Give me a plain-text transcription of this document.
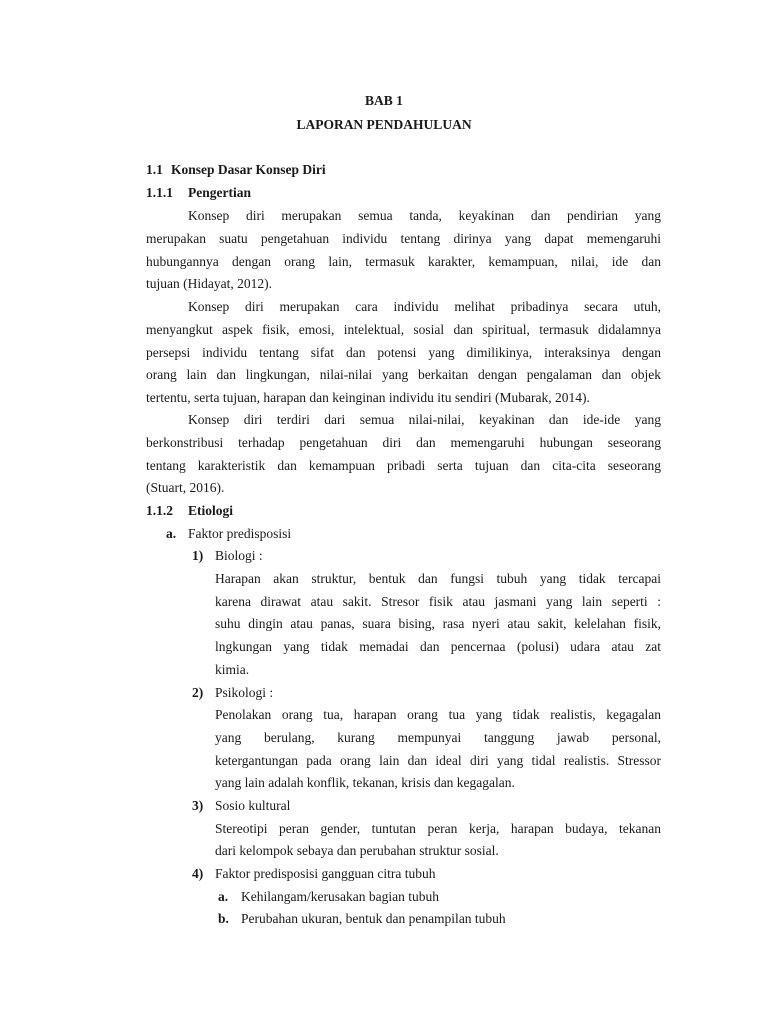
BAB 1
LAPORAN PENDAHULUAN
1.1 Konsep Dasar Konsep Diri
1.1.1 Pengertian
Konsep diri merupakan semua tanda, keyakinan dan pendirian yang
merupakan suatu pengetahuan individu tentang dirinya yang dapat memengaruhi
hubungannya dengan orang lain, termasuk karakter, kemampuan, nilai, ide dan
tujuan (Hidayat, 2012).
Konsep diri merupakan cara individu melihat pribadinya secara utuh,
menyangkut aspek fisik, emosi, intelektual, sosial dan spiritual, termasuk didalamnya
persepsi individu tentang sifat dan potensi yang dimilikinya, interaksinya dengan
orang lain dan lingkungan, nilai-nilai yang berkaitan dengan pengalaman dan objek
tertentu, serta tujuan, harapan dan keinginan individu itu sendiri (Mubarak, 2014).
Konsep diri terdiri dari semua nilai-nilai, keyakinan dan ide-ide yang
berkonstribusi terhadap pengetahuan diri dan memengaruhi hubungan seseorang
tentang karakteristik dan kemampuan pribadi serta tujuan dan cita-cita seseorang
(Stuart, 2016).
1.1.2 Etiologi
a. Faktor predisposisi
1) Biologi :
Harapan akan struktur, bentuk dan fungsi tubuh yang tidak tercapai
karena dirawat atau sakit. Stresor fisik atau jasmani yang lain seperti :
suhu dingin atau panas, suara bising, rasa nyeri atau sakit, kelelahan fisik,
lngkungan yang tidak memadai dan pencernaa (polusi) udara atau zat
kimia.
2) Psikologi :
Penolakan orang tua, harapan orang tua yang tidak realistis, kegagalan
yang berulang, kurang mempunyai tanggung jawab personal,
ketergantungan pada orang lain dan ideal diri yang tidal realistis. Stressor
yang lain adalah konflik, tekanan, krisis dan kegagalan.
3) Sosio kultural
Stereotipi peran gender, tuntutan peran kerja, harapan budaya, tekanan
dari kelompok sebaya dan perubahan struktur sosial.
4) Faktor predisposisi gangguan citra tubuh
a. Kehilangam/kerusakan bagian tubuh
b. Perubahan ukuran, bentuk dan penampilan tubuh
